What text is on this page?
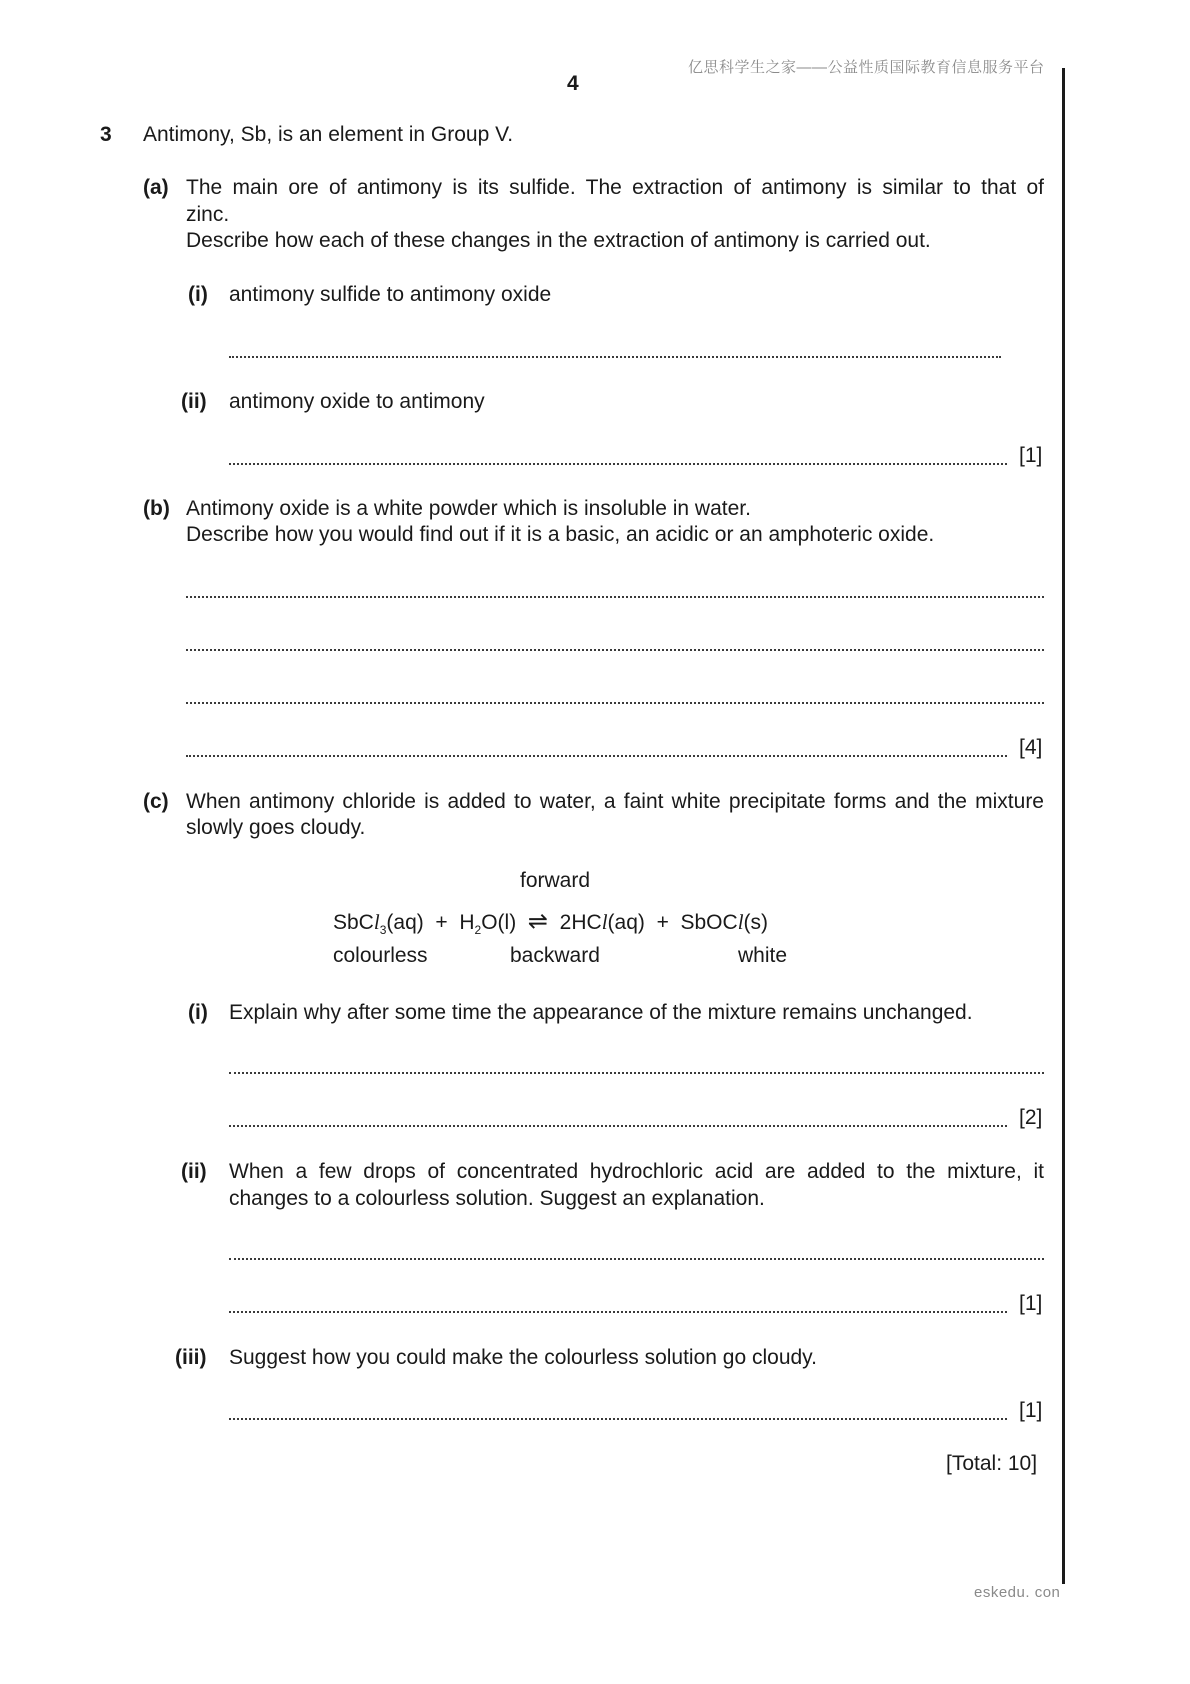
亿思科学生之家——公益性质国际教育信息服务平台
4
3 Antimony, Sb, is an element in Group V.
(a) The main ore of antimony is its sulfide. The extraction of antimony is similar to that of
zinc.
Describe how each of these changes in the extraction of antimony is carried out.
(i) antimony sulfide to antimony oxide
(ii) antimony oxide to antimony
[1]
(b) Antimony oxide is a white powder which is insoluble in water.
Describe how you would find out if it is a basic, an acidic or an amphoteric oxide.
[4]
(c) When antimony chloride is added to water, a faint white precipitate forms and the mixture
slowly goes cloudy.
forward
SbCl$_3$(aq) + $H_2O(l)$ ⇌ 2HCl(aq) + SbOCl(s)
colourless	backward	white
(i) Explain why after some time the appearance of the mixture remains unchanged.
[2]
(ii) When a few drops of concentrated hydrochloric acid are added to the mixture, it
changes to a colourless solution. Suggest an explanation.
[1]
(iii) Suggest how you could make the colourless solution go cloudy.
[1]
[Total: 10]
eskedu. con
